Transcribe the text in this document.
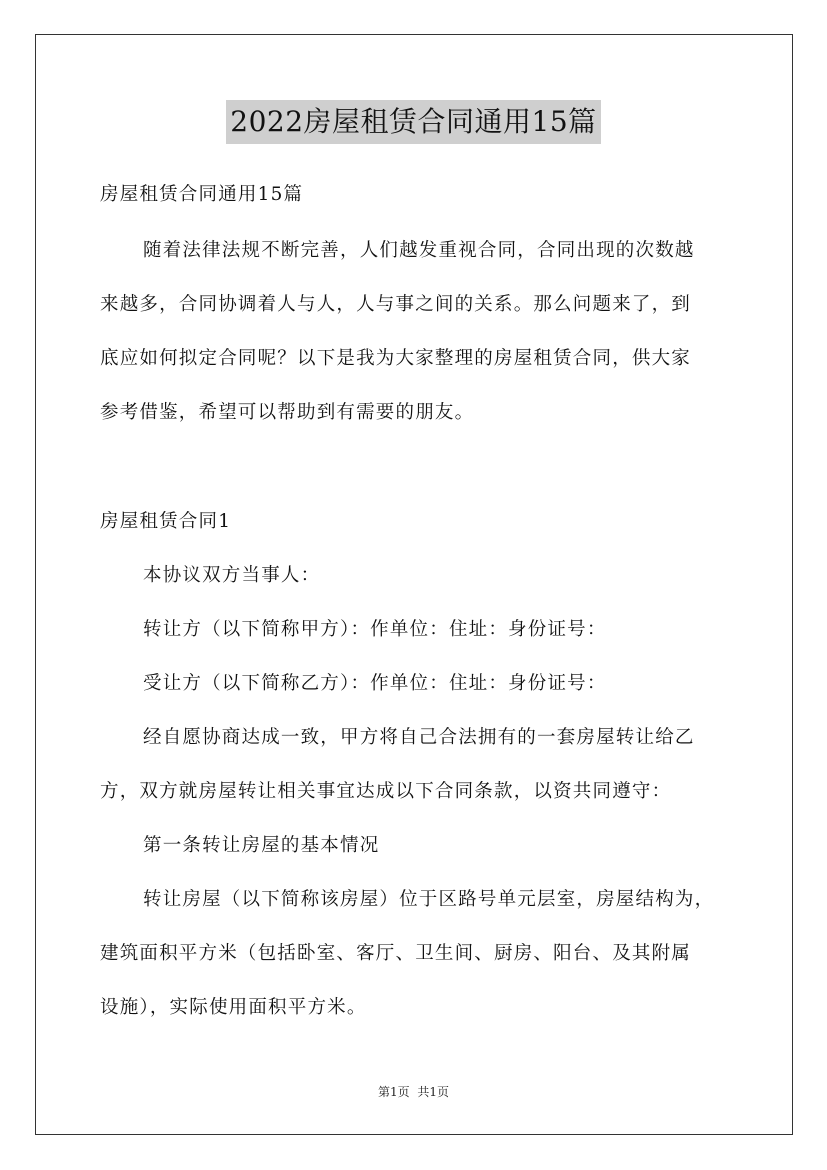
2022房屋租赁合同通用15篇
房屋租赁合同通用15篇
随着法律法规不断完善，人们越发重视合同，合同出现的次数越
来越多，合同协调着人与人，人与事之间的关系。那么问题来了，到
底应如何拟定合同呢？以下是我为大家整理的房屋租赁合同，供大家
参考借鉴，希望可以帮助到有需要的朋友。
房屋租赁合同1
本协议双方当事人：
转让方（以下简称甲方）：作单位：住址：身份证号：
受让方（以下简称乙方）：作单位：住址：身份证号：
经自愿协商达成一致，甲方将自己合法拥有的一套房屋转让给乙
方，双方就房屋转让相关事宜达成以下合同条款，以资共同遵守：
第一条转让房屋的基本情况
转让房屋（以下简称该房屋）位于区路号单元层室，房屋结构为，
建筑面积平方米（包括卧室、客厅、卫生间、厨房、阳台、及其附属
设施），实际使用面积平方米。
第1页 共1页
